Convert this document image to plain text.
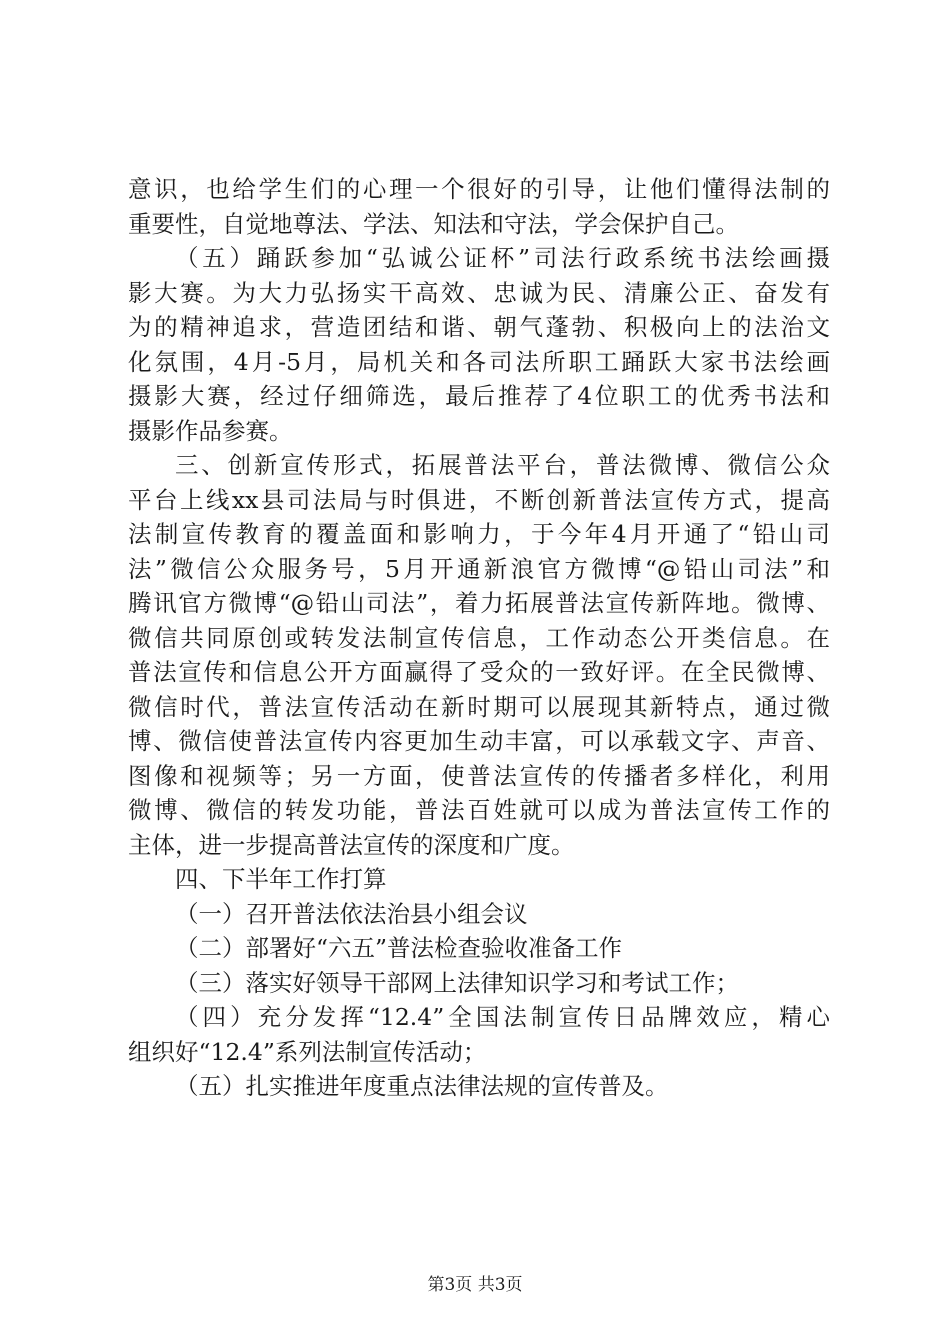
意识，也给学生们的心理一个很好的引导，让他们懂得法制的
重要性，自觉地尊法、学法、知法和守法，学会保护自己。
（五）踊跃参加“弘诚公证杯”司法行政系统书法绘画摄
影大赛。为大力弘扬实干高效、忠诚为民、清廉公正、奋发有
为的精神追求，营造团结和谐、朝气蓬勃、积极向上的法治文
化氛围，4月-5月，局机关和各司法所职工踊跃大家书法绘画
摄影大赛，经过仔细筛选，最后推荐了4位职工的优秀书法和
摄影作品参赛。
三、创新宣传形式，拓展普法平台，普法微博、微信公众
平台上线xx县司法局与时俱进，不断创新普法宣传方式，提高
法制宣传教育的覆盖面和影响力，于今年4月开通了“铅山司
法”微信公众服务号，5月开通新浪官方微博“@铅山司法”和
腾讯官方微博“@铅山司法”，着力拓展普法宣传新阵地。微博、
微信共同原创或转发法制宣传信息，工作动态公开类信息。在
普法宣传和信息公开方面赢得了受众的一致好评。在全民微博、
微信时代，普法宣传活动在新时期可以展现其新特点，通过微
博、微信使普法宣传内容更加生动丰富，可以承载文字、声音、
图像和视频等；另一方面，使普法宣传的传播者多样化，利用
微博、微信的转发功能，普法百姓就可以成为普法宣传工作的
主体，进一步提高普法宣传的深度和广度。
四、下半年工作打算
（一）召开普法依法治县小组会议
（二）部署好“六五”普法检查验收准备工作
（三）落实好领导干部网上法律知识学习和考试工作；
（四）充分发挥“12.4”全国法制宣传日品牌效应，精心
组织好“12.4”系列法制宣传活动；
（五）扎实推进年度重点法律法规的宣传普及。
第3页 共3页
